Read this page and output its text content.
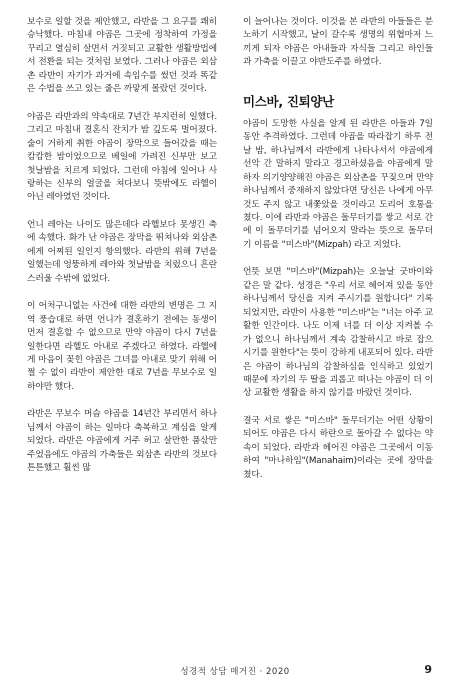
보수로 일할 것을 제안했고, 라반을 그 요구를 쾌히 승낙했다. 마침내 야곱은 그곳에 정착하여 가정을 꾸리고 열심히 살면서 거짓되고 교활한 생활방법에서 전환을 되는 것처럼 보였다. 그러나 야곱은 외삼촌 라반이 자기가 과거에 속임수를 썼던 것과 똑같은 수법을 쓰고 있는 줄은 까맣게 몰랐던 것이다.

야곱은 라반과의 약속대로 7년간 부지런히 일했다. 그리고 마침내 결혼식 잔치가 밤 깊도록 벌어졌다. 술이 거하게 취한 야곱이 장막으로 들어갔을 때는 캄캄한 밤이었으므로 베일에 가려진 신부만 보고 첫날밤을 치르게 되었다. 그런데 아침에 일어나 사랑하는 신부의 얼굴을 쳐다보니 뜻밖에도 라헬이 아닌 레아였던 것이다.

언니 레아는 나이도 많은데다 라헬보다 못생긴 축에 속했다. 화가 난 야곱은 장막을 뛰쳐나와 외삼촌에게 어찌된 일인지 항의했다. 라반의 위해 7년을 일했는데 엉뚱하게 레아와 첫날밤을 치렀으니 흔란스러울 수밖에 없었다.

이 어처구니없는 사건에 대한 라반의 변명은 그 지역 풍습대로 하면 언니가 결혼하기 전에는 동생이 먼저 결혼할 수 없으므로 만약 야곱이 다시 7년을 일한다면 라헬도 아내로 주겠다고 하였다. 라헬에게 마음이 꽂힌 야곱은 그녀를 아내로 맞기 위해 어쩔 수 없이 라반이 제안한 대로 7년을 무보수로 일하야만 했다.

라반은 무보수 머슴 야곱을 14년간 부리면서 하나님께서 야곱이 하는 일마다 축복하고 계심을 알게 되었다. 라반은 야곱에게 거주 허고 살만한 품삯만 주었음에도 야곱의 가축들은 외삼촌 라반의 것보다 튼튼했고 훨씬 많

이 늘어나는 것이다. 이것을 본 라반의 아들들은 분노하기 시작했고, 날이 갈수록 생명의 위협마저 느끼게 되자 야곱은 아내들과 자식들 그리고 하인들과 가축을 이끌고 야반도주를 하였다.

미스바, 진퇴양난

야곱이 도망한 사실을 알게 된 라반은 아들과 7일 동안 추격하였다. 그런데 야곱을 따라잡기 하루 전날 밤, 하나님께서 라반에게 나타나서서 야곱에게 선악 간 말하지 말라고 경고하셨음을 야곱에게 말하자 의기양양해진 야곱은 외삼촌을 꾸짖으며 만약 하나님께서 중재하지 않았다면 당신은 나에게 아무것도 주지 않고 내쫓았을 것이라고 도리어 호통을 쳤다. 이에 라반과 야곱은 돌무더기를 쌓고 서로 간에 이 돌무더기를 넘어오지 말라는 뜻으로 돌무더기 이름을 "미스바"(Mizpah) 라고 지었다.

언뜻 보면 "미스바"(Mizpah)는 오늘날 굿바이와 같은 말 같다. 성경은 "우리 서로 헤어져 있을 동안 하나님께서 당신을 지켜 주시기를 원합니다" 기록되었지만, 라반이 사용한 "미스바"는 "너는 아주 교활한 인간이다. 나도 이제 너를 더 이상 지켜볼 수가 없으니 하나님께서 계속 감찰하시고 바로 잡으시기를 원한다"는 뜻이 강하게 내포되어 있다. 라반은 야곱이 하나님의 감찰하심을 인식하고 있었기 때문에 자기의 두 딸을 괴롭고 떠나는 야곱이 더 이상 교활한 생활을 하지 않기를 바랐던 것이다.

결국 서로 쌓은 "미스바" 돌무더기는 어떤 상황이 되어도 야곱은 다시 하란으로 돌아갈 수 없다는 약속이 되었다. 라반과 헤어진 야곱은 그곳에서 이동하여 "마나하임"(Manahaim)이라는 곳에 장막을 쳤다.

성경적 상담 매거진 · 2020	9
